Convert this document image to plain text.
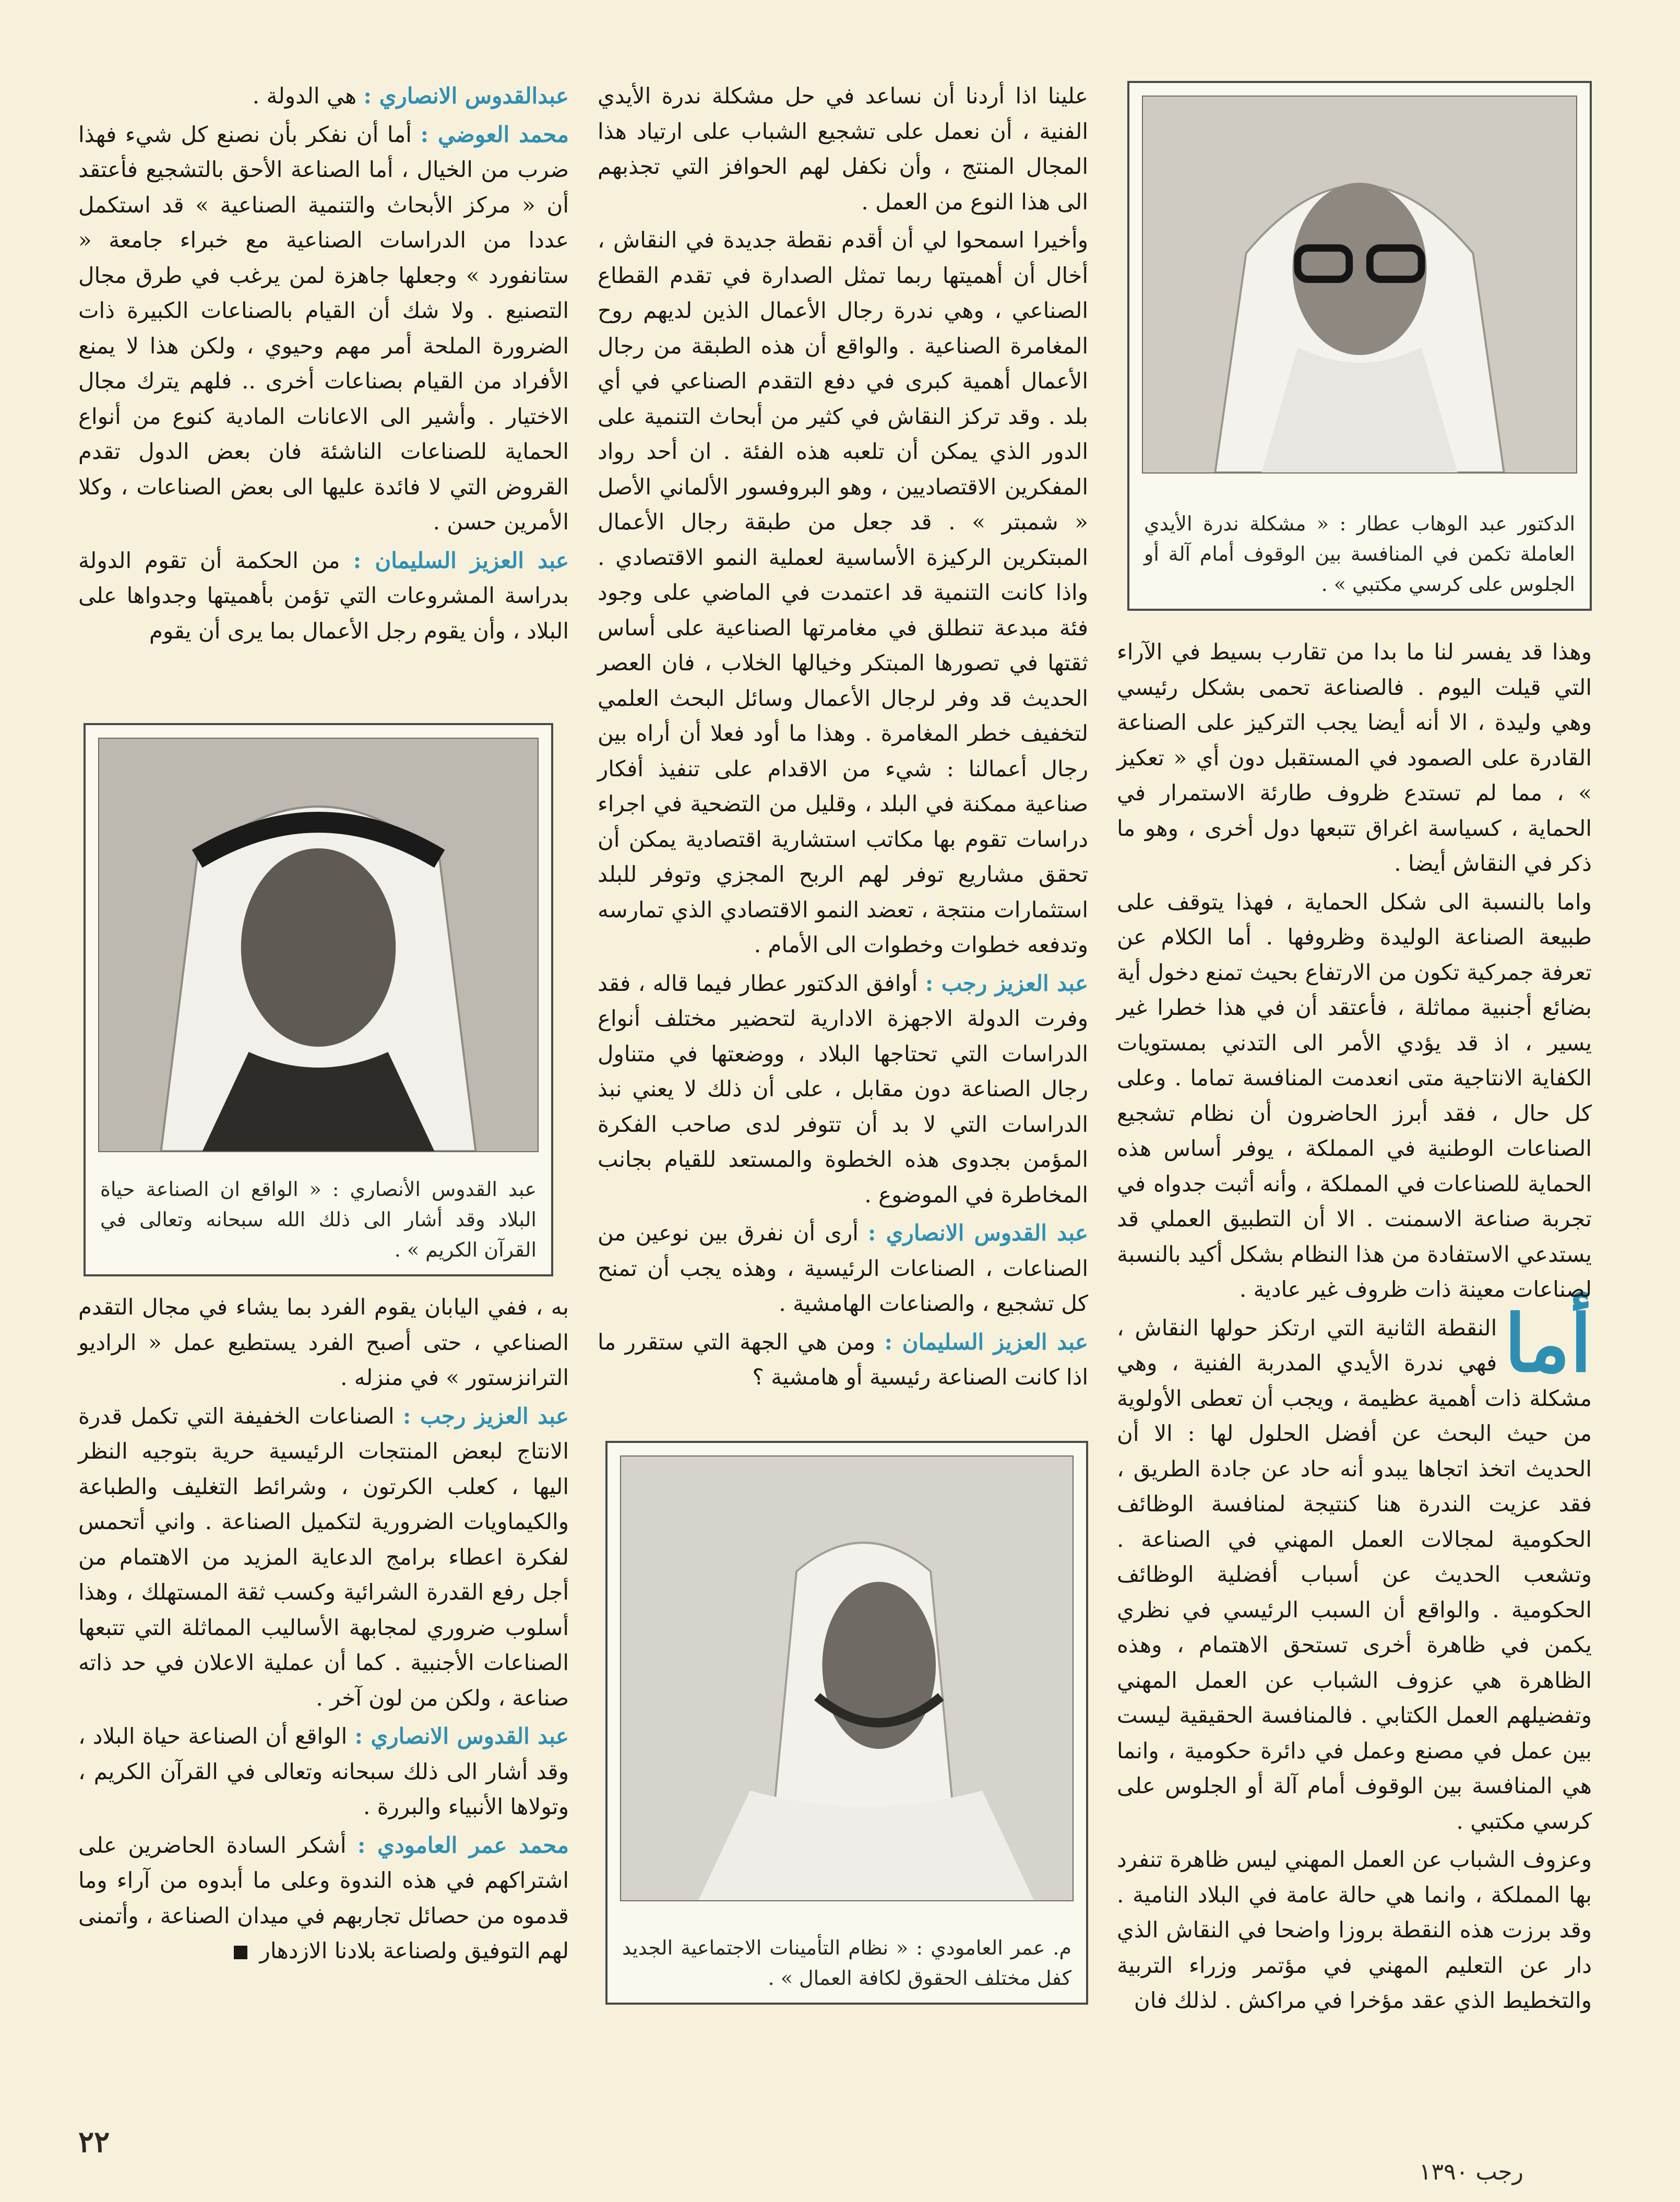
الدكتور عبد الوهاب عطار : « مشكلة ندرة الأيدي العاملة تكمن في المنافسة بين الوقوف أمام آلة أو الجلوس على كرسي مكتبي » .

وهذا قد يفسر لنا ما بدا من تقارب بسيط في الآراء التي قيلت اليوم . فالصناعة تحمى بشكل رئيسي وهي وليدة ، الا أنه أيضا يجب التركيز على الصناعة القادرة على الصمود في المستقبل دون أي « تعكيز » ، مما لم تستدع ظروف طارئة الاستمرار في الحماية ، كسياسة اغراق تتبعها دول أخرى ، وهو ما ذكر في النقاش أيضا .

واما بالنسبة الى شكل الحماية ، فهذا يتوقف على طبيعة الصناعة الوليدة وظروفها . أما الكلام عن تعرفة جمركية تكون من الارتفاع بحيث تمنع دخول أية بضائع أجنبية مماثلة ، فأعتقد أن في هذا خطرا غير يسير ، اذ قد يؤدي الأمر الى التدني بمستويات الكفاية الانتاجية متى انعدمت المنافسة تماما . وعلى كل حال ، فقد أبرز الحاضرون أن نظام تشجيع الصناعات الوطنية في المملكة ، يوفر أساس هذه الحماية للصناعات في المملكة ، وأنه أثبت جدواه في تجربة صناعة الاسمنت . الا أن التطبيق العملي قد يستدعي الاستفادة من هذا النظام بشكل أكيد بالنسبة لصناعات معينة ذات ظروف غير عادية .

أما
النقطة الثانية التي ارتكز حولها النقاش ، فهي ندرة الأيدي المدربة الفنية ، وهي مشكلة ذات أهمية عظيمة ، ويجب أن تعطى الأولوية من حيث البحث عن أفضل الحلول لها : الا أن الحديث اتخذ اتجاها يبدو أنه حاد عن جادة الطريق ، فقد عزيت الندرة هنا كنتيجة لمنافسة الوظائف الحكومية لمجالات العمل المهني في الصناعة . وتشعب الحديث عن أسباب أفضلية الوظائف الحكومية . والواقع أن السبب الرئيسي في نظري يكمن في ظاهرة أخرى تستحق الاهتمام ، وهذه الظاهرة هي عزوف الشباب عن العمل المهني وتفضيلهم العمل الكتابي . فالمنافسة الحقيقية ليست بين عمل في مصنع وعمل في دائرة حكومية ، وانما هي المنافسة بين الوقوف أمام آلة أو الجلوس على كرسي مكتبي .

وعزوف الشباب عن العمل المهني ليس ظاهرة تنفرد بها المملكة ، وانما هي حالة عامة في البلاد النامية . وقد برزت هذه النقطة بروزا واضحا في النقاش الذي دار عن التعليم المهني في مؤتمر وزراء التربية والتخطيط الذي عقد مؤخرا في مراكش . لذلك فان

علينا اذا أردنا أن نساعد في حل مشكلة ندرة الأيدي الفنية ، أن نعمل على تشجيع الشباب على ارتياد هذا المجال المنتج ، وأن نكفل لهم الحوافز التي تجذبهم الى هذا النوع من العمل .

وأخيرا اسمحوا لي أن أقدم نقطة جديدة في النقاش ، أخال أن أهميتها ربما تمثل الصدارة في تقدم القطاع الصناعي ، وهي ندرة رجال الأعمال الذين لديهم روح المغامرة الصناعية . والواقع أن هذه الطبقة من رجال الأعمال أهمية كبرى في دفع التقدم الصناعي في أي بلد . وقد تركز النقاش في كثير من أبحاث التنمية على الدور الذي يمكن أن تلعبه هذه الفئة . ان أحد رواد المفكرين الاقتصاديين ، وهو البروفسور الألماني الأصل « شمبتر » . قد جعل من طبقة رجال الأعمال المبتكرين الركيزة الأساسية لعملية النمو الاقتصادي . واذا كانت التنمية قد اعتمدت في الماضي على وجود فئة مبدعة تنطلق في مغامرتها الصناعية على أساس ثقتها في تصورها المبتكر وخيالها الخلاب ، فان العصر الحديث قد وفر لرجال الأعمال وسائل البحث العلمي لتخفيف خطر المغامرة . وهذا ما أود فعلا أن أراه بين رجال أعمالنا : شيء من الاقدام على تنفيذ أفكار صناعية ممكنة في البلد ، وقليل من التضحية في اجراء دراسات تقوم بها مكاتب استشارية اقتصادية يمكن أن تحقق مشاريع توفر لهم الربح المجزي وتوفر للبلد استثمارات منتجة ، تعضد النمو الاقتصادي الذي تمارسه وتدفعه خطوات وخطوات الى الأمام .

عبد العزيز رجب : أوافق الدكتور عطار فيما قاله ، فقد وفرت الدولة الاجهزة الادارية لتحضير مختلف أنواع الدراسات التي تحتاجها البلاد ، ووضعتها في متناول رجال الصناعة دون مقابل ، على أن ذلك لا يعني نبذ الدراسات التي لا بد أن تتوفر لدى صاحب الفكرة المؤمن بجدوى هذه الخطوة والمستعد للقيام بجانب المخاطرة في الموضوع .

عبد القدوس الانصاري : أرى أن نفرق بين نوعين من الصناعات ، الصناعات الرئيسية ، وهذه يجب أن تمنح كل تشجيع ، والصناعات الهامشية .

عبد العزيز السليمان : ومن هي الجهة التي ستقرر ما اذا كانت الصناعة رئيسية أو هامشية ؟

م. عمر العامودي : « نظام التأمينات الاجتماعية الجديد كفل مختلف الحقوق لكافة العمال » .

عبدالقدوس الانصاري : هي الدولة .

محمد العوضي : أما أن نفكر بأن نصنع كل شيء فهذا ضرب من الخيال ، أما الصناعة الأحق بالتشجيع فأعتقد أن « مركز الأبحاث والتنمية الصناعية » قد استكمل عددا من الدراسات الصناعية مع خبراء جامعة « ستانفورد » وجعلها جاهزة لمن يرغب في طرق مجال التصنيع . ولا شك أن القيام بالصناعات الكبيرة ذات الضرورة الملحة أمر مهم وحيوي ، ولكن هذا لا يمنع الأفراد من القيام بصناعات أخرى .. فلهم يترك مجال الاختيار . وأشير الى الاعانات المادية كنوع من أنواع الحماية للصناعات الناشئة فان بعض الدول تقدم القروض التي لا فائدة عليها الى بعض الصناعات ، وكلا الأمرين حسن .

عبد العزيز السليمان : من الحكمة أن تقوم الدولة بدراسة المشروعات التي تؤمن بأهميتها وجدواها على البلاد ، وأن يقوم رجل الأعمال بما يرى أن يقوم

عبد القدوس الأنصاري : « الواقع ان الصناعة حياة البلاد وقد أشار الى ذلك الله سبحانه وتعالى في القرآن الكريم » .

به ، ففي اليابان يقوم الفرد بما يشاء في مجال التقدم الصناعي ، حتى أصبح الفرد يستطيع عمل « الراديو الترانزستور » في منزله .

عبد العزيز رجب : الصناعات الخفيفة التي تكمل قدرة الانتاج لبعض المنتجات الرئيسية حرية بتوجيه النظر اليها ، كعلب الكرتون ، وشرائط التغليف والطباعة والكيماويات الضرورية لتكميل الصناعة . واني أتحمس لفكرة اعطاء برامج الدعاية المزيد من الاهتمام من أجل رفع القدرة الشرائية وكسب ثقة المستهلك ، وهذا أسلوب ضروري لمجابهة الأساليب المماثلة التي تتبعها الصناعات الأجنبية . كما أن عملية الاعلان في حد ذاته صناعة ، ولكن من لون آخر .

عبد القدوس الانصاري : الواقع أن الصناعة حياة البلاد ، وقد أشار الى ذلك سبحانه وتعالى في القرآن الكريم ، وتولاها الأنبياء والبررة .

محمد عمر العامودي : أشكر السادة الحاضرين على اشتراكهم في هذه الندوة وعلى ما أبدوه من آراء وما قدموه من حصائل تجاربهم في ميدان الصناعة ، وأتمنى لهم التوفيق ولصناعة بلادنا الازدهار

٢٢
رجب ١٣٩٠
